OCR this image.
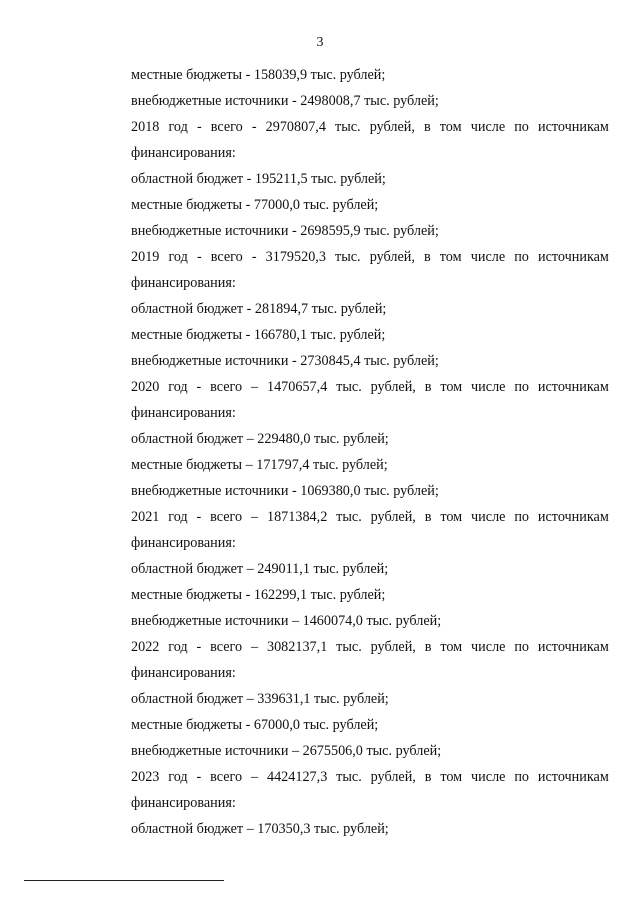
3
местные бюджеты - 158039,9 тыс. рублей;
внебюджетные источники - 2498008,7 тыс. рублей;
2018 год - всего - 2970807,4 тыс. рублей, в том числе по источникам
финансирования:
областной бюджет - 195211,5 тыс. рублей;
местные бюджеты - 77000,0 тыс. рублей;
внебюджетные источники - 2698595,9 тыс. рублей;
2019 год - всего - 3179520,3 тыс. рублей, в том числе по источникам
финансирования:
областной бюджет - 281894,7 тыс. рублей;
местные бюджеты - 166780,1 тыс. рублей;
внебюджетные источники - 2730845,4 тыс. рублей;
2020 год - всего – 1470657,4 тыс. рублей, в том числе по источникам
финансирования:
областной бюджет – 229480,0 тыс. рублей;
местные бюджеты – 171797,4 тыс. рублей;
внебюджетные источники - 1069380,0 тыс. рублей;
2021 год - всего – 1871384,2 тыс. рублей, в том числе по источникам
финансирования:
областной бюджет – 249011,1 тыс. рублей;
местные бюджеты - 162299,1 тыс. рублей;
внебюджетные источники – 1460074,0 тыс. рублей;
2022 год - всего – 3082137,1 тыс. рублей, в том числе по источникам
финансирования:
областной бюджет – 339631,1 тыс. рублей;
местные бюджеты - 67000,0 тыс. рублей;
внебюджетные источники – 2675506,0 тыс. рублей;
2023 год - всего – 4424127,3 тыс. рублей, в том числе по источникам
финансирования:
областной бюджет – 170350,3 тыс. рублей;
